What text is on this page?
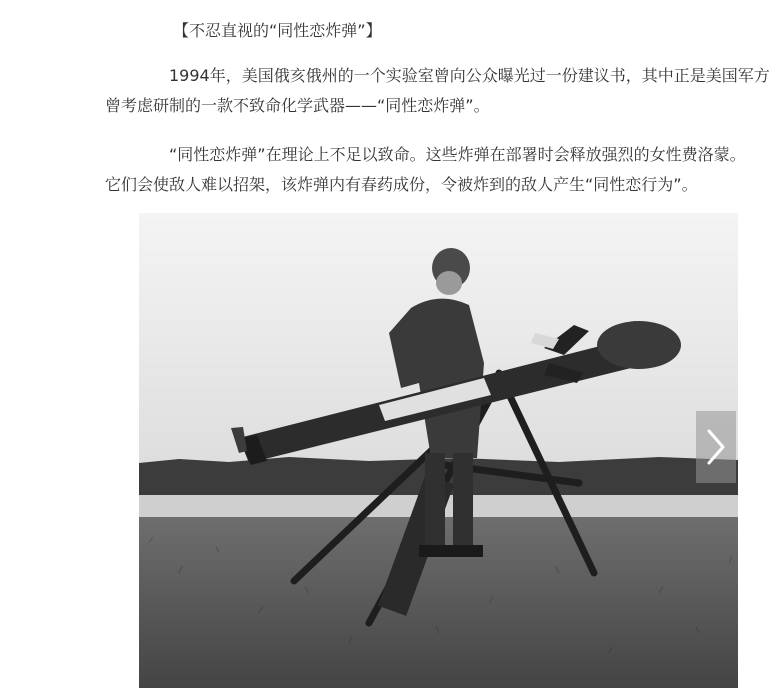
【不忍直视的“同性恋炸弹”】
1994年，美国俄亥俄州的一个实验室曾向公众曝光过一份建议书，其中正是美国军方
曾考虑研制的一款不致命化学武器——“同性恋炸弹”。
“同性恋炸弹”在理论上不足以致命。这些炸弹在部署时会释放强烈的女性费洛蒙。
它们会使敌人难以招架，该炸弹内有春药成份，令被炸到的敌人产生“同性恋行为”。
